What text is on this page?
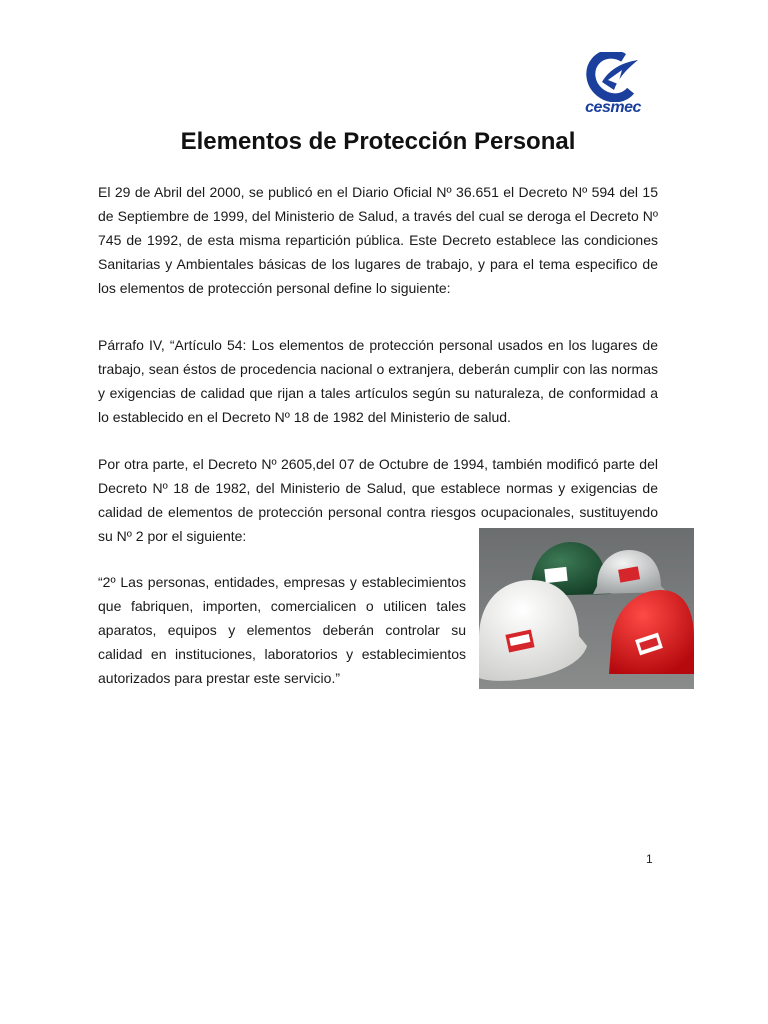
cesmec
Elementos de Protección Personal

El 29 de Abril del 2000, se publicó en el Diario Oficial Nº 36.651 el Decreto Nº 594 del 15 de Septiembre de 1999, del Ministerio de Salud, a través del cual se deroga el Decreto Nº 745 de 1992, de esta misma repartición pública. Este Decreto establece las condiciones Sanitarias y Ambientales básicas de los lugares de trabajo, y para el tema especifico de los elementos de protección personal define lo siguiente:

Párrafo IV, “Artículo 54: Los elementos de protección personal usados en los lugares de trabajo, sean éstos de procedencia nacional o extranjera, deberán cumplir con las normas y exigencias de calidad que rijan a tales artículos según su naturaleza, de conformidad a lo establecido en el Decreto Nº 18 de 1982 del Ministerio de salud.

Por otra parte, el Decreto Nº 2605,del 07 de Octubre de 1994, también modificó parte del Decreto Nº 18 de 1982, del Ministerio de Salud, que establece normas y exigencias de calidad de elementos de protección personal contra riesgos ocupacionales, sustituyendo su Nº 2 por el siguiente:

“2º Las personas, entidades, empresas y establecimientos que fabriquen, importen, comercialicen o utilicen tales aparatos, equipos y elementos deberán controlar su calidad en instituciones, laboratorios y establecimientos autorizados para prestar este servicio.”

1
